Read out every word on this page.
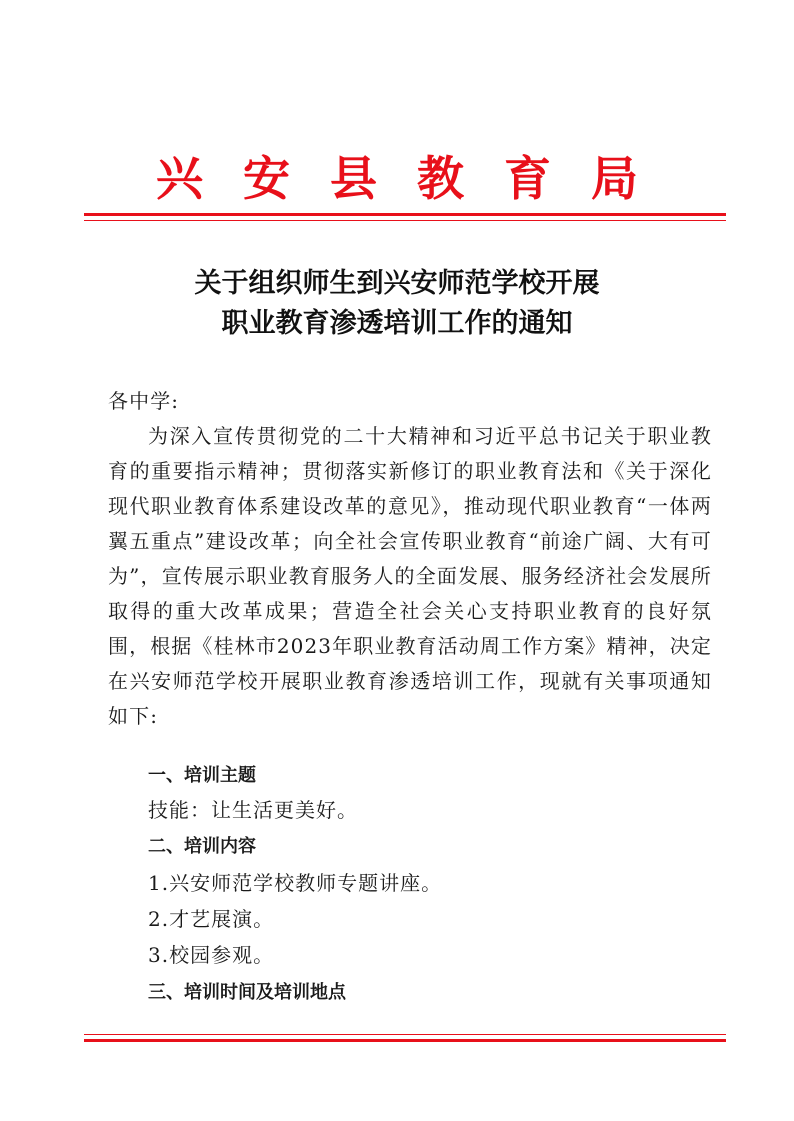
兴安县教育局
关于组织师生到兴安师范学校开展
职业教育渗透培训工作的通知
各中学:

为深入宣传贯彻党的二十大精神和习近平总书记关于职业教育的重要指示精神；贯彻落实新修订的职业教育法和《关于深化现代职业教育体系建设改革的意见》，推动现代职业教育“一体两翼五重点”建设改革；向全社会宣传职业教育“前途广阔、大有可为”，宣传展示职业教育服务人的全面发展、服务经济社会发展所取得的重大改革成果；营造全社会关心支持职业教育的良好氛围，根据《桂林市2023年职业教育活动周工作方案》精神，决定在兴安师范学校开展职业教育渗透培训工作，现就有关事项通知如下:

一、培训主题
技能：让生活更美好。
二、培训内容
1.兴安师范学校教师专题讲座。
2.才艺展演。
3.校园参观。
三、培训时间及培训地点
